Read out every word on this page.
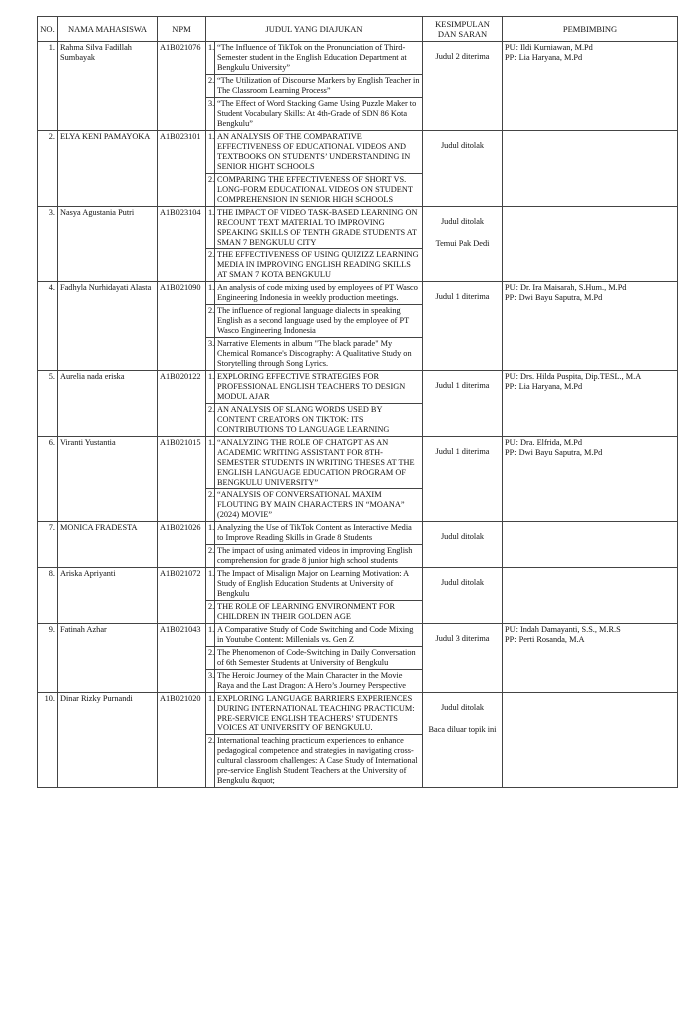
NO.	NAMA MAHASISWA	NPM	JUDUL YANG DIAJUKAN		KESIMPULAN DAN SARAN	PEMBIMBING
1.	Rahma Silva Fadillah Sumbayak	A1B021076	1.	“The Influence of TikTok on the Pronunciation of Third-Semester student in the English Education Department at Bengkulu University”	Judul 2 diterima	PU: Ildi Kurniawan, M.Pd
PP: Lia Haryana, M.Pd

			2.	“The Utilization of Discourse Markers by English Teacher in The Classroom Learning Process”		
			3.	“The Effect of Word Stacking Game Using Puzzle Maker to Student Vocabulary Skills: At 4th-Grade of SDN 86 Kota Bengkulu”		
2.	ELYA KENI PAMAYOKA	A1B023101	1.	AN ANALYSIS OF THE COMPARATIVE EFFECTIVENESS OF EDUCATIONAL VIDEOS AND TEXTBOOKS ON STUDENTS’ UNDERSTANDING IN SENIOR HIGHT SCHOOLS	Judul ditolak	

			2.	COMPARING THE EFFECTIVENESS OF SHORT VS. LONG-FORM EDUCATIONAL VIDEOS ON STUDENT COMPREHENSION IN SENIOR HIGH SCHOOLS		
3.	Nasya Agustania Putri	A1B023104	1.	THE IMPACT OF VIDEO TASK-BASED LEARNING ON RECOUNT TEXT MATERIAL TO IMPROVING SPEAKING SKILLS OF TENTH GRADE STUDENTS AT SMAN 7 BENGKULU CITY	Judul ditolak
Temui Pak Dedi	

			2.	THE EFFECTIVENESS OF USING QUIZIZZ LEARNING MEDIA IN IMPROVING ENGLISH READING SKILLS AT SMAN 7 KOTA BENGKULU		
4.	Fadhyla Nurhidayati Alasta	A1B021090	1.	An analysis of code mixing used by employees of PT Wasco Engineering Indonesia in weekly production meetings.	Judul 1 diterima	PU: Dr. Ira Maisarah, S.Hum., M.Pd
PP: Dwi Bayu Saputra, M.Pd

			2.	The influence of regional language dialects in speaking English as a second language used by the employee of PT Wasco Engineering Indonesia		
			3.	Narrative Elements in album "The black parade" My Chemical Romance's Discography: A Qualitative Study on Storytelling through Song Lyrics.		
5.	Aurelia nada eriska	A1B020122	1.	EXPLORING EFFECTIVE STRATEGIES FOR PROFESSIONAL ENGLISH TEACHERS TO DESIGN MODUL AJAR	Judul 1 diterima	PU: Drs. Hilda Puspita, Dip.TESL., M.A
PP: Lia Haryana, M.Pd

			2.	AN ANALYSIS OF SLANG WORDS USED BY CONTENT CREATORS ON TIKTOK: ITS CONTRIBUTIONS TO LANGUAGE LEARNING		
6.	Viranti Yustantia	A1B021015	1.	“ANALYZING THE ROLE OF CHATGPT AS AN ACADEMIC WRITING ASSISTANT FOR 8TH-SEMESTER STUDENTS IN WRITING THESES AT THE ENGLISH LANGUAGE EDUCATION PROGRAM OF BENGKULU UNIVERSITY”	Judul 1 diterima	PU: Dra. Elfrida, M.Pd
PP: Dwi Bayu Saputra, M.Pd

			2.	“ANALYSIS OF CONVERSATIONAL MAXIM FLOUTING BY MAIN CHARACTERS IN “MOANA” (2024) MOVIE”		
7.	MONICA FRADESTA	A1B021026	1.	Analyzing the Use of TikTok Content as Interactive Media to Improve Reading Skills in Grade 8 Students	Judul ditolak	

			2.	The impact of using animated videos in improving English comprehension for grade 8 junior high school students		
8.	Ariska Apriyanti	A1B021072	1.	The Impact of Misalign Major on Learning Motivation: A Study of English Education Students at University of Bengkulu	Judul ditolak	

			2.	THE ROLE OF LEARNING ENVIRONMENT FOR CHILDREN IN THEIR GOLDEN AGE		
9.	Fatinah Azhar	A1B021043	1.	A Comparative Study of Code Switching and Code Mixing in Youtube Content: Millenials vs. Gen Z	Judul 3 diterima	PU: Indah Damayanti, S.S., M.R.S
PP: Perti Rosanda, M.A

			2.	The Phenomenon of Code-Switching in Daily Conversation of 6th Semester Students at University of Bengkulu		
			3.	The Heroic Journey of the Main Character in the Movie Raya and the Last Dragon: A Hero’s Journey Perspective		
10.	Dinar Rizky Purnandi	A1B021020	1.	EXPLORING LANGUAGE BARRIERS EXPERIENCES DURING INTERNATIONAL TEACHING PRACTICUM: PRE-SERVICE ENGLISH TEACHERS’ STUDENTS VOICES AT UNIVERSITY OF BENGKULU.	Judul ditolak
Baca diluar topik ini	

			2.	International teaching practicum experiences to enhance pedagogical competence and strategies in navigating cross-cultural classroom challenges: A Case Study of International pre-service English Student Teachers at the University of Bengkulu &quot;		
